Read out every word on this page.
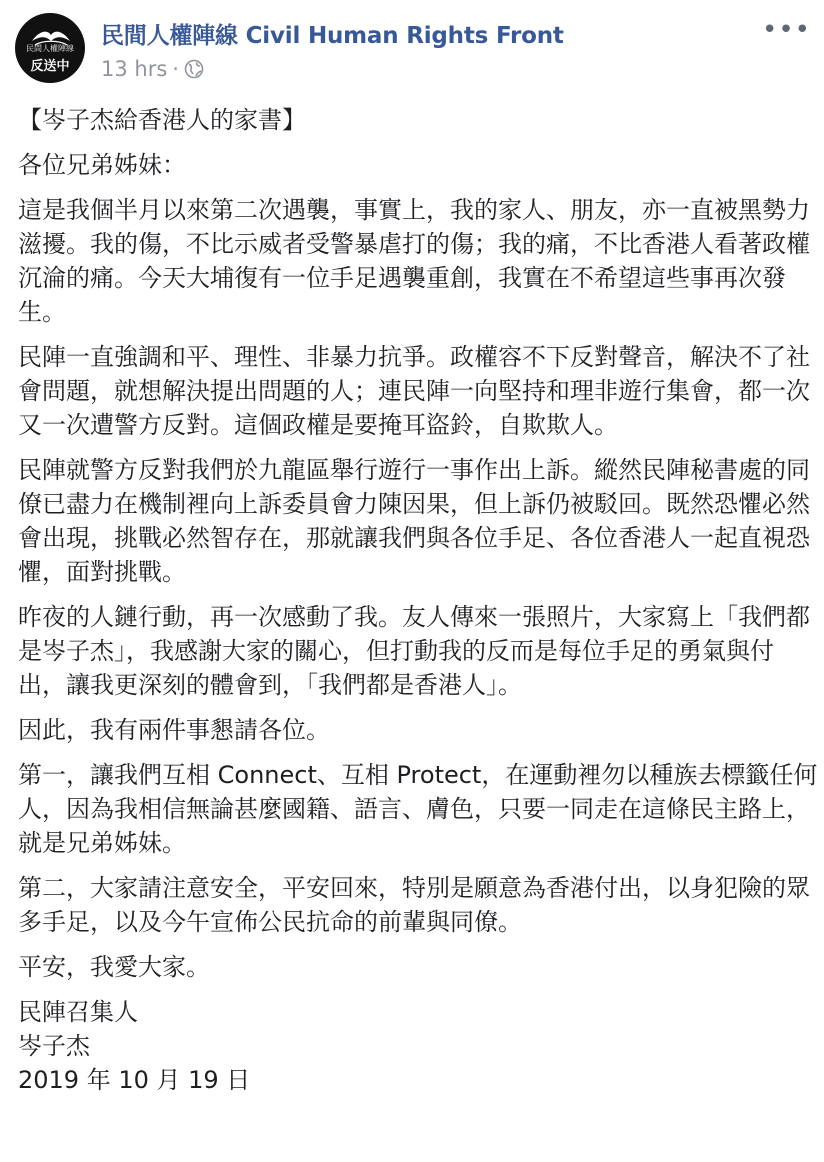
民間人權陣線
反送中
民間人權陣線 Civil Human Rights Front
13 hrs ·
•••

【岑子杰給香港人的家書】

各位兄弟姊妹：

這是我個半月以來第二次遇襲，事實上，我的家人、朋友，亦一直被黑勢力滋擾。我的傷，不比示威者受警暴虐打的傷；我的痛，不比香港人看著政權沉淪的痛。今天大埔復有一位手足遇襲重創，我實在不希望這些事再次發生。

民陣一直強調和平、理性、非暴力抗爭。政權容不下反對聲音，解決不了社會問題，就想解決提出問題的人；連民陣一向堅持和理非遊行集會，都一次又一次遭警方反對。這個政權是要掩耳盜鈴，自欺欺人。

民陣就警方反對我們於九龍區舉行遊行一事作出上訴。縱然民陣秘書處的同僚已盡力在機制裡向上訴委員會力陳因果，但上訴仍被駁回。既然恐懼必然會出現，挑戰必然智存在，那就讓我們與各位手足、各位香港人一起直視恐懼，面對挑戰。

昨夜的人鏈行動，再一次感動了我。友人傳來一張照片，大家寫上「我們都是岑子杰」，我感謝大家的關心，但打動我的反而是每位手足的勇氣與付出，讓我更深刻的體會到，「我們都是香港人」。

因此，我有兩件事懇請各位。

第一，讓我們互相 Connect、互相 Protect，在運動裡勿以種族去標籤任何人，因為我相信無論甚麼國籍、語言、膚色，只要一同走在這條民主路上，就是兄弟姊妹。

第二，大家請注意安全，平安回來，特別是願意為香港付出，以身犯險的眾多手足，以及今午宣佈公民抗命的前輩與同僚。

平安，我愛大家。

民陣召集人
岑子杰
2019 年 10 月 19 日
